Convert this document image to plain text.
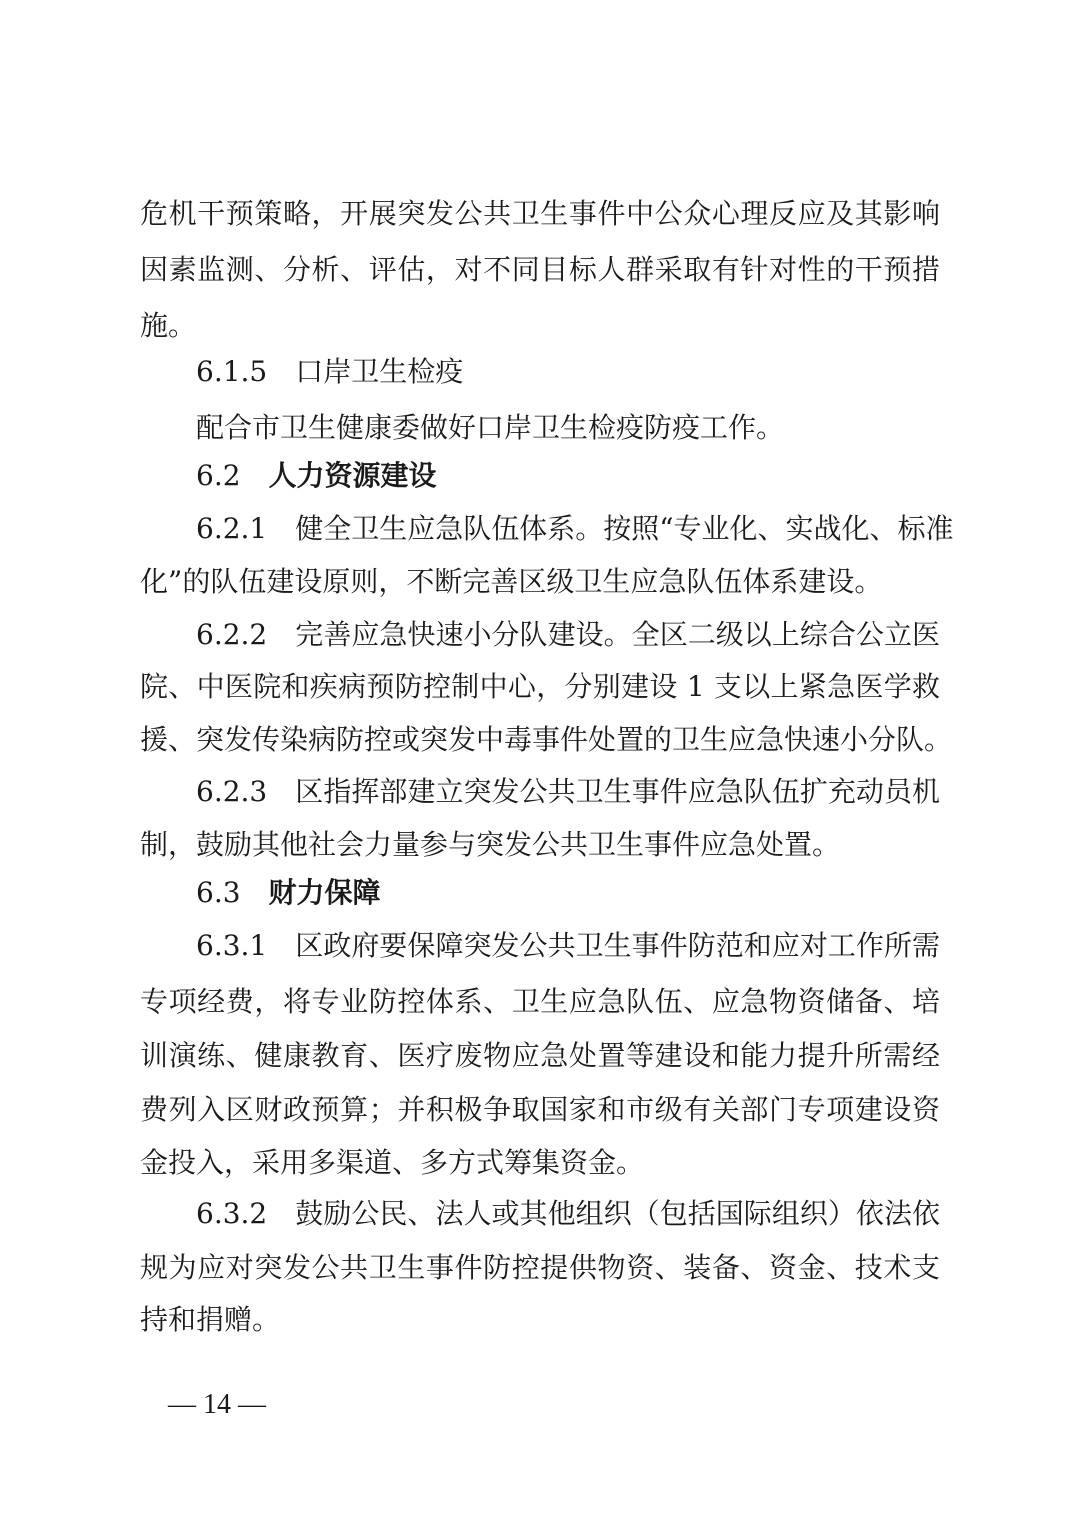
危机干预策略，开展突发公共卫生事件中公众心理反应及其影响

因素监测、分析、评估，对不同目标人群采取有针对性的干预措

施。

6.1.5 口岸卫生检疫

配合市卫生健康委做好口岸卫生检疫防疫工作。

6.2 人力资源建设

6.2.1　健全卫生应急队伍体系。按照“专业化、实战化、标准

化”的队伍建设原则，不断完善区级卫生应急队伍体系建设。

6.2.2　完善应急快速小分队建设。全区二级以上综合公立医

院、中医院和疾病预防控制中心，分别建设 1 支以上紧急医学救

援、突发传染病防控或突发中毒事件处置的卫生应急快速小分队。

6.2.3　区指挥部建立突发公共卫生事件应急队伍扩充动员机

制，鼓励其他社会力量参与突发公共卫生事件应急处置。

6.3 财力保障

6.3.1　区政府要保障突发公共卫生事件防范和应对工作所需

专项经费，将专业防控体系、卫生应急队伍、应急物资储备、培

训演练、健康教育、医疗废物应急处置等建设和能力提升所需经

费列入区财政预算；并积极争取国家和市级有关部门专项建设资

金投入，采用多渠道、多方式筹集资金。

6.3.2　鼓励公民、法人或其他组织（包括国际组织）依法依

规为应对突发公共卫生事件防控提供物资、装备、资金、技术支

持和捐赠。

— 14 —
